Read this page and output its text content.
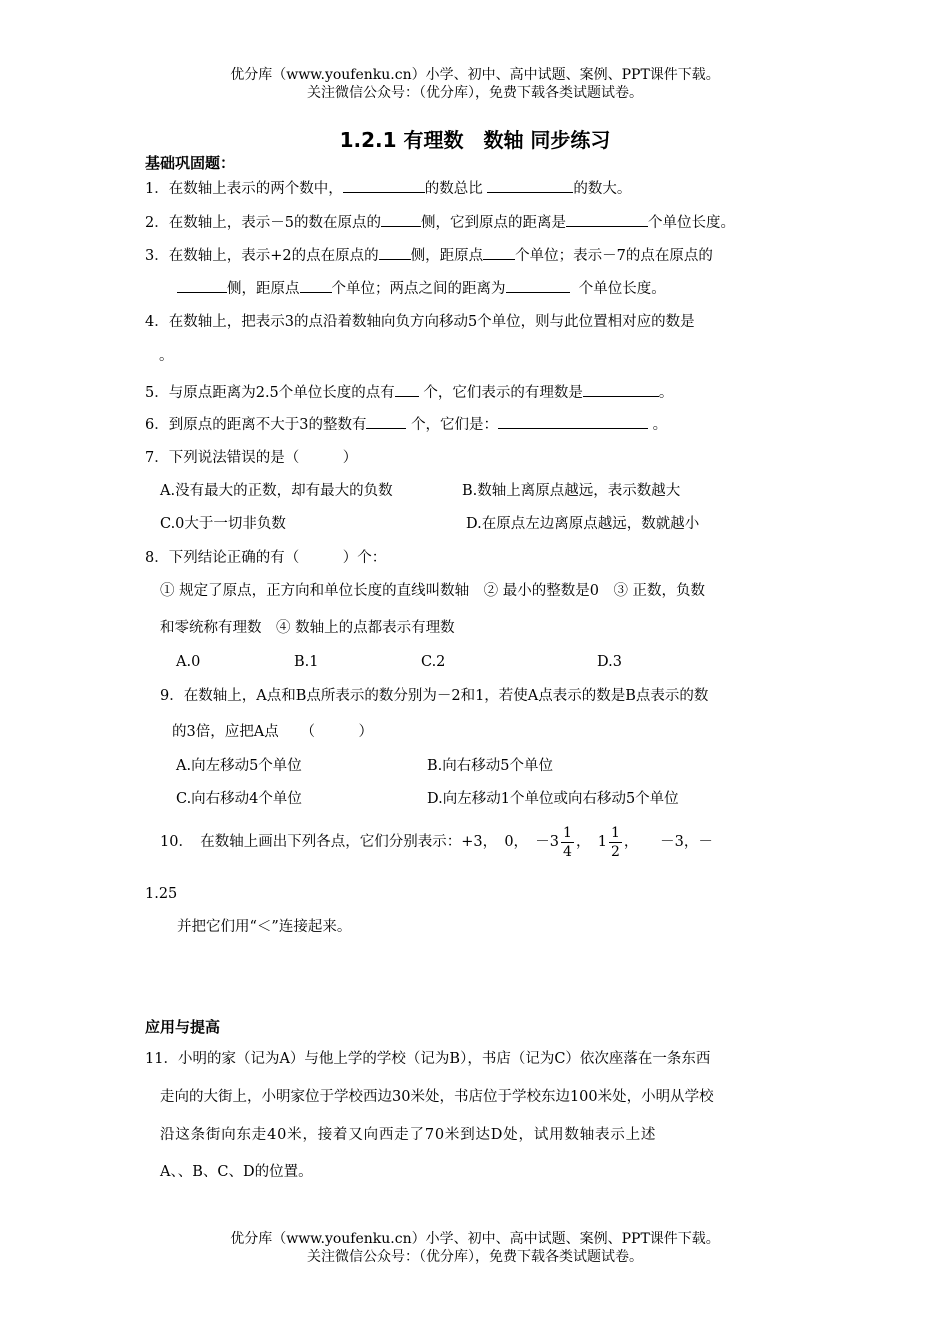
优分库（www.youfenku.cn）小学、初中、高中试题、案例、PPT课件下载。
关注微信公众号：（优分库），免费下载各类试题试卷。
1.2.1 有理数　数轴 同步练习
基础巩固题：
1．在数轴上表示的两个数中，	的数总比	的数大。
2．在数轴上，表示－5的数在原点的	侧，它到原点的距离是	个单位长度。
3．在数轴上，表示+2的点在原点的 侧，距原点 个单位；表示－7的点在原点的
侧，距原点 个单位；两点之间的距离为	个单位长度。
4．在数轴上，把表示3的点沿着数轴向负方向移动5个单位，则与此位置相对应的数是
。
5．与原点距离为2.5个单位长度的点有 个，它们表示的有理数是	。
6．到原点的距离不大于3的整数有	个，它们是：	。
7．下列说法错误的是（　　　）
A.没有最大的正数，却有最大的负数	B.数轴上离原点越远，表示数越大
C.0大于一切非负数	D.在原点左边离原点越远，数就越小
8．下列结论正确的有（　　　）个：
① 规定了原点，正方向和单位长度的直线叫数轴　② 最小的整数是0　③ 正数，负数
和零统称有理数　④ 数轴上的点都表示有理数
A.0	B.1	C.2	D.3
9．在数轴上，A点和B点所表示的数分别为－2和1，若使A点表示的数是B点表示的数
的3倍，应把A点　　（　　　）
A.向左移动5个单位	B.向右移动5个单位
C.向右移动4个单位	D.向左移动1个单位或向右移动5个单位
10．　在数轴上画出下列各点，它们分别表示：+3，　0，　$-3 \frac{1}{4}$ ，　$1 \frac{1}{2}$ ，　　－3，－
1.25
并把它们用“＜”连接起来。
应用与提高
11．小明的家（记为A）与他上学的学校（记为B），书店（记为C）依次座落在一条东西
走向的大街上，小明家位于学校西边30米处，书店位于学校东边100米处，小明从学校
沿这条街向东走40米，接着又向西走了70米到达D处，试用数轴表示上述
A、、B、C、D的位置。
优分库（www.youfenku.cn）小学、初中、高中试题、案例、PPT课件下载。
关注微信公众号：（优分库），免费下载各类试题试卷。
